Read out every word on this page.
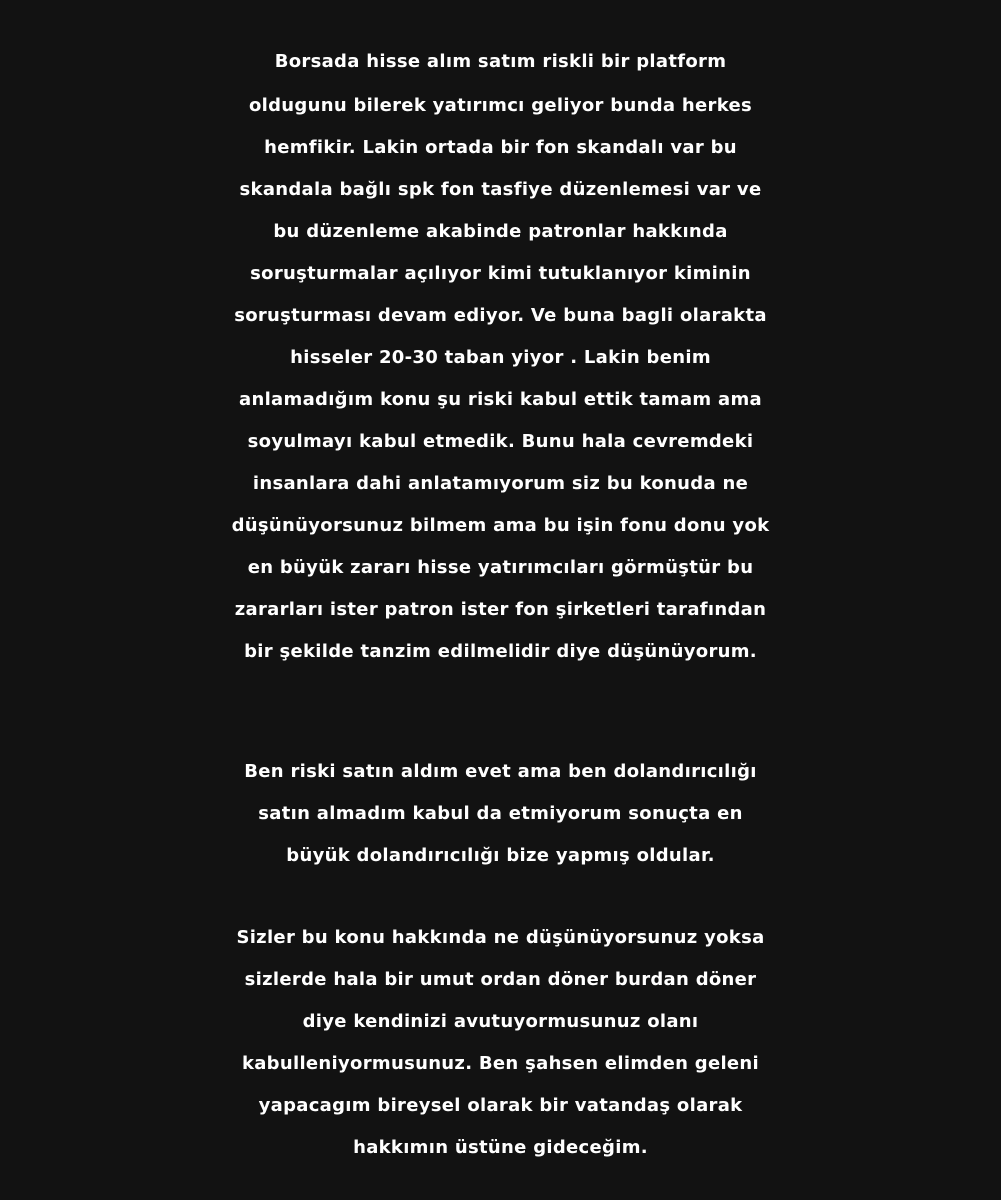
Borsada hisse alım satım riskli bir platform
oldugunu bilerek yatırımcı geliyor bunda herkes
hemfikir. Lakin ortada bir fon skandalı var bu
skandala bağlı spk fon tasfiye düzenlemesi var ve
bu düzenleme akabinde patronlar hakkında
soruşturmalar açılıyor kimi tutuklanıyor kiminin
soruşturması devam ediyor. Ve buna bagli olarakta
hisseler 20-30 taban yiyor . Lakin benim
anlamadığım konu şu riski kabul ettik tamam ama
soyulmayı kabul etmedik. Bunu hala cevremdeki
insanlara dahi anlatamıyorum siz bu konuda ne
düşünüyorsunuz bilmem ama bu işin fonu donu yok
en büyük zararı hisse yatırımcıları görmüştür bu
zararları ister patron ister fon şirketleri tarafından
bir şekilde tanzim edilmelidir diye düşünüyorum.
Ben riski satın aldım evet ama ben dolandırıcılığı
satın almadım kabul da etmiyorum sonuçta en
büyük dolandırıcılığı bize yapmış oldular.
Sizler bu konu hakkında ne düşünüyorsunuz yoksa
sizlerde hala bir umut ordan döner burdan döner
diye kendinizi avutuyormusunuz olanı
kabulleniyormusunuz. Ben şahsen elimden geleni
yapacagım bireysel olarak bir vatandaş olarak
hakkımın üstüne gideceğim.
